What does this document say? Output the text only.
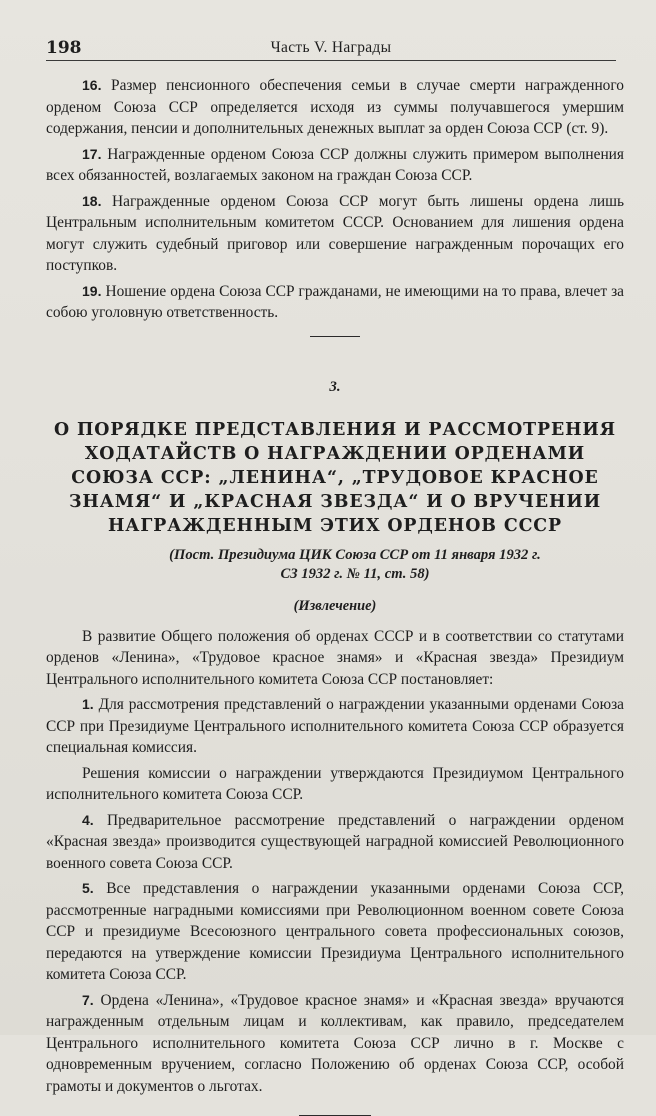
198	Часть V. Награды

16. Размер пенсионного обеспечения семьи в случае смерти награжденного орденом Союза ССР определяется исходя из суммы получавшегося умершим содержания, пенсии и дополнительных денежных выплат за орден Союза ССР (ст. 9).

17. Награжденные орденом Союза ССР должны служить примером выполнения всех обязанностей, возлагаемых законом на граждан Союза ССР.

18. Награжденные орденом Союза ССР могут быть лишены ордена лишь Центральным исполнительным комитетом СССР. Основанием для лишения ордена могут служить судебный приговор или совершение награжденным порочащих его поступков.

19. Ношение ордена Союза ССР гражданами, не имеющими на то права, влечет за собою уголовную ответственность.

3.
О ПОРЯДКЕ ПРЕДСТАВЛЕНИЯ И РАССМОТРЕНИЯ ХОДАТАЙСТВ О НАГРАЖДЕНИИ ОРДЕНАМИ СОЮЗА ССР: „ЛЕНИНА“, „ТРУДОВОЕ КРАСНОЕ ЗНАМЯ“ И „КРАСНАЯ ЗВЕЗДА“ И О ВРУЧЕНИИ НАГРАЖДЕННЫМ ЭТИХ ОРДЕНОВ СССР
(Пост. Президиума ЦИК Союза ССР от 11 января 1932 г.
СЗ 1932 г. № 11, ст. 58)
(Извлечение)

В развитие Общего положения об орденах СССР и в соответствии со статутами орденов «Ленина», «Трудовое красное знамя» и «Красная звезда» Президиум Центрального исполнительного комитета Союза ССР постановляет:

1. Для рассмотрения представлений о награждении указанными орденами Союза ССР при Президиуме Центрального исполнительного комитета Союза ССР образуется специальная комиссия.

Решения комиссии о награждении утверждаются Президиумом Центрального исполнительного комитета Союза ССР.

4. Предварительное рассмотрение представлений о награждении орденом «Красная звезда» производится существующей наградной комиссией Революционного военного совета Союза ССР.

5. Все представления о награждении указанными орденами Союза ССР, рассмотренные наградными комиссиями при Революционном военном совете Союза ССР и президиуме Всесоюзного центрального совета профессиональных союзов, передаются на утверждение комиссии Президиума Центрального исполнительного комитета Союза ССР.

7. Ордена «Ленина», «Трудовое красное знамя» и «Красная звезда» вручаются награжденным отдельным лицам и коллективам, как правило, председателем Центрального исполнительного комитета Союза ССР лично в г. Москве с одновременным вручением, согласно Положению об орденах Союза ССР, особой грамоты и документов о льготах.
